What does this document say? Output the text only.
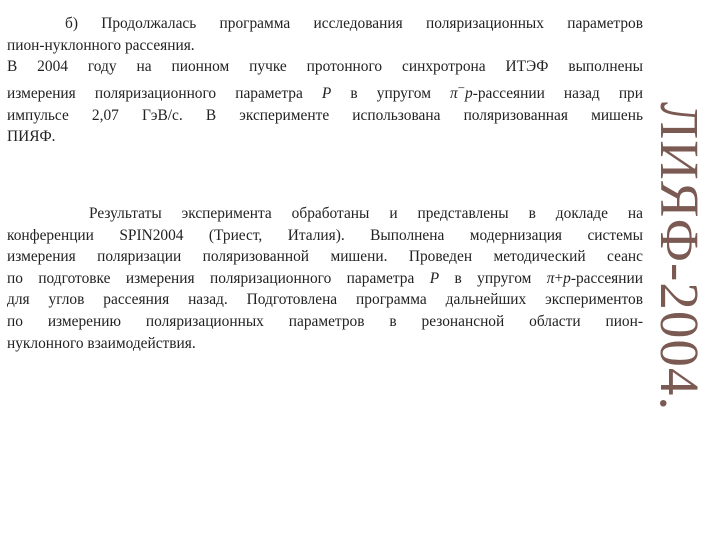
б) Продолжалась программа исследования поляризационных параметров
пион-нуклонного рассеяния.
В 2004 году на пионном пучке протонного синхротрона ИТЭФ выполнены
измерения поляризационного параметра P в упругом π−p-рассеянии назад при
импульсе 2,07 ГэВ/c. В эксперименте использована поляризованная мишень
ПИЯФ.
Результаты эксперимента обработаны и представлены в докладе на
конференции SPIN2004 (Триест, Италия). Выполнена модернизация системы
измерения поляризации поляризованной мишени. Проведен методический сеанс
по подготовке измерения поляризационного параметра P в упругом π+p-рассеянии
для углов рассеяния назад. Подготовлена программа дальнейших экспериментов
по измерению поляризационных параметров в резонансной области пион-
нуклонного взаимодействия.	ЛИЯФ-2004.
